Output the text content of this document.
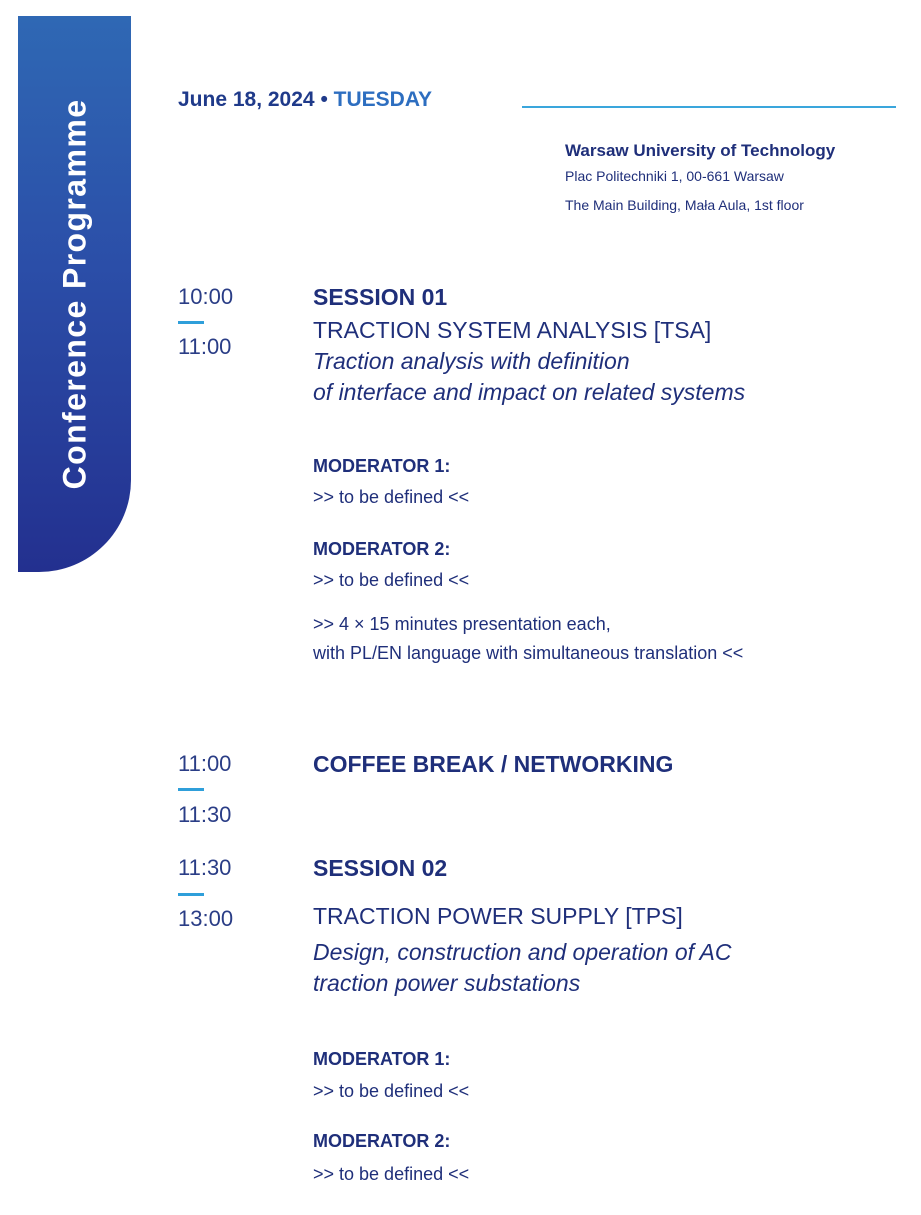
Conference Programme	June 18, 2024 • TUESDAY
Warsaw University of Technology
Plac Politechniki 1, 00-661 Warsaw
The Main Building, Mała Aula, 1st floor
10:00
11:00
SESSION 01
TRACTION SYSTEM ANALYSIS [TSA]
Traction analysis with definition
of interface and impact on related systems
MODERATOR 1:
>> to be defined <<
MODERATOR 2:
>> to be defined <<
>> 4 × 15 minutes presentation each,
with PL/EN language with simultaneous translation <<
11:00
11:30
COFFEE BREAK / NETWORKING
11:30
13:00
SESSION 02
TRACTION POWER SUPPLY [TPS]
Design, construction and operation of AC
traction power substations
MODERATOR 1:
>> to be defined <<
MODERATOR 2:
>> to be defined <<
